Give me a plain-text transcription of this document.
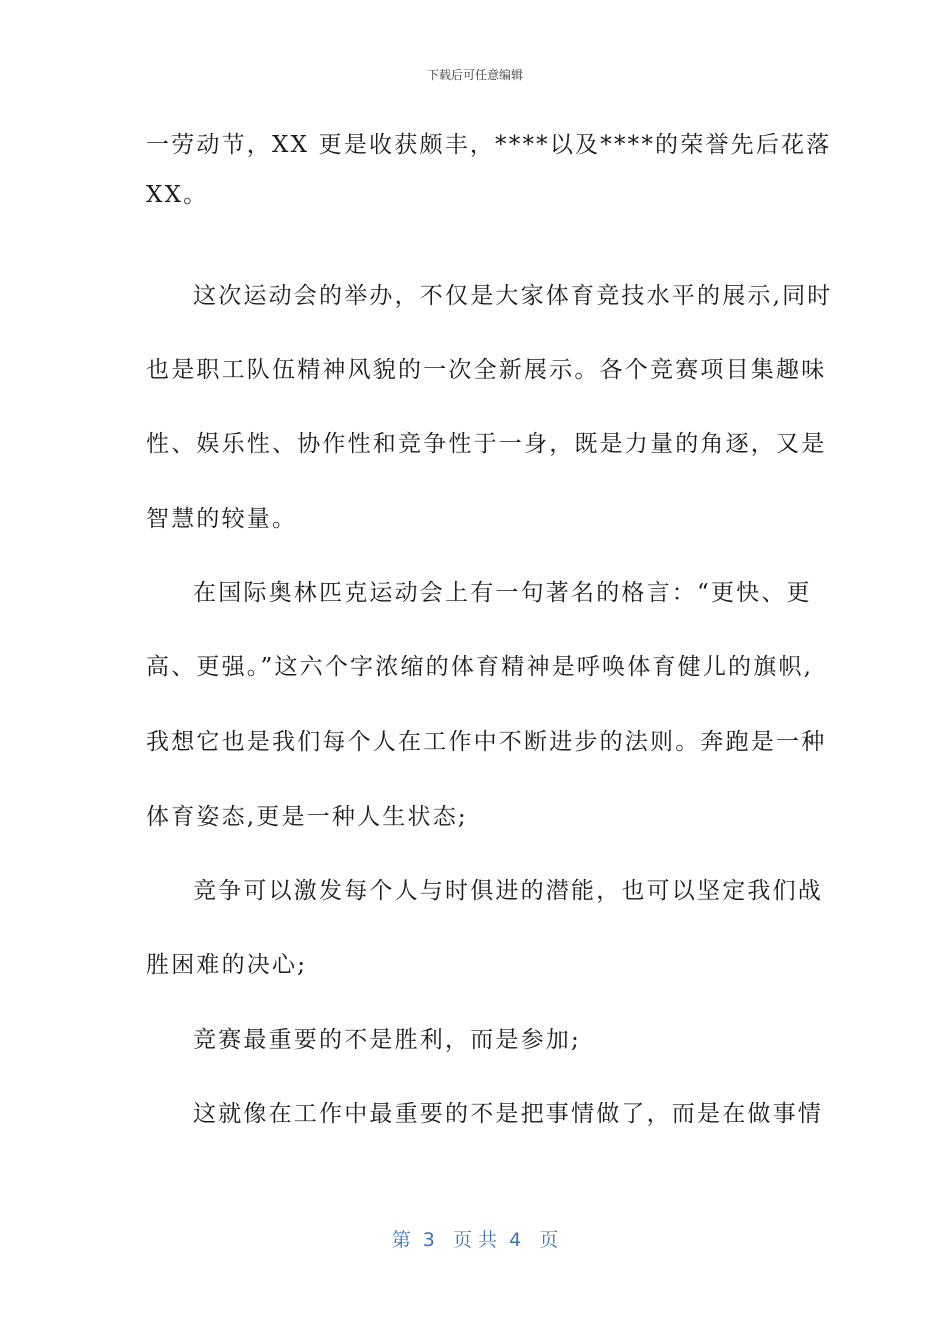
下载后可任意编辑
一劳动节，XX 更是收获颇丰，****以及****的荣誉先后花落
XX。
这次运动会的举办，不仅是大家体育竞技水平的展示,同时
也是职工队伍精神风貌的一次全新展示。各个竞赛项目集趣味
性、娱乐性、协作性和竞争性于一身，既是力量的角逐，又是
智慧的较量。
在国际奥林匹克运动会上有一句著名的格言：“更快、更
高、更强。”这六个字浓缩的体育精神是呼唤体育健儿的旗帜,
我想它也是我们每个人在工作中不断进步的法则。奔跑是一种
体育姿态,更是一种人生状态;
竞争可以激发每个人与时俱进的潜能，也可以坚定我们战
胜困难的决心;
竞赛最重要的不是胜利，而是参加;
这就像在工作中最重要的不是把事情做了，而是在做事情
第  3   页 共  4   页
